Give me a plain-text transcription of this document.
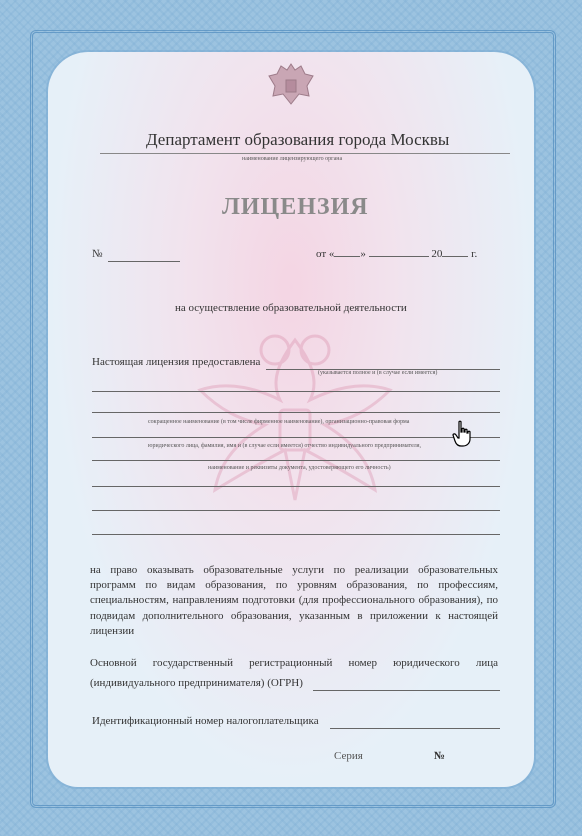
Департамент образования города Москвы
наименование лицензирующего органа
ЛИЦЕНЗИЯ
№	от « »	20	г.
на осуществление образовательной деятельности
Настоящая лицензия предоставлена
(указывается полное и (в случае если имеется)
сокращенное наименование (в том числе фирменное наименование), организационно-правовая форма
юридического лица, фамилия, имя и (в случае если имеется) отчество индивидуального предпринимателя,
наименование и реквизиты документа, удостоверяющего его личность)
на право оказывать образовательные услуги по реализации образовательных программ по видам образования, по уровням образования, по профессиям, специальностям, направлениям подготовки (для профессионального образования), по подвидам дополнительного образования, указанным в приложении к настоящей лицензии
Основной государственный регистрационный номер юридического лица
(индивидуального предпринимателя) (ОГРН)
Идентификационный номер налогоплательщика
Серия	№
